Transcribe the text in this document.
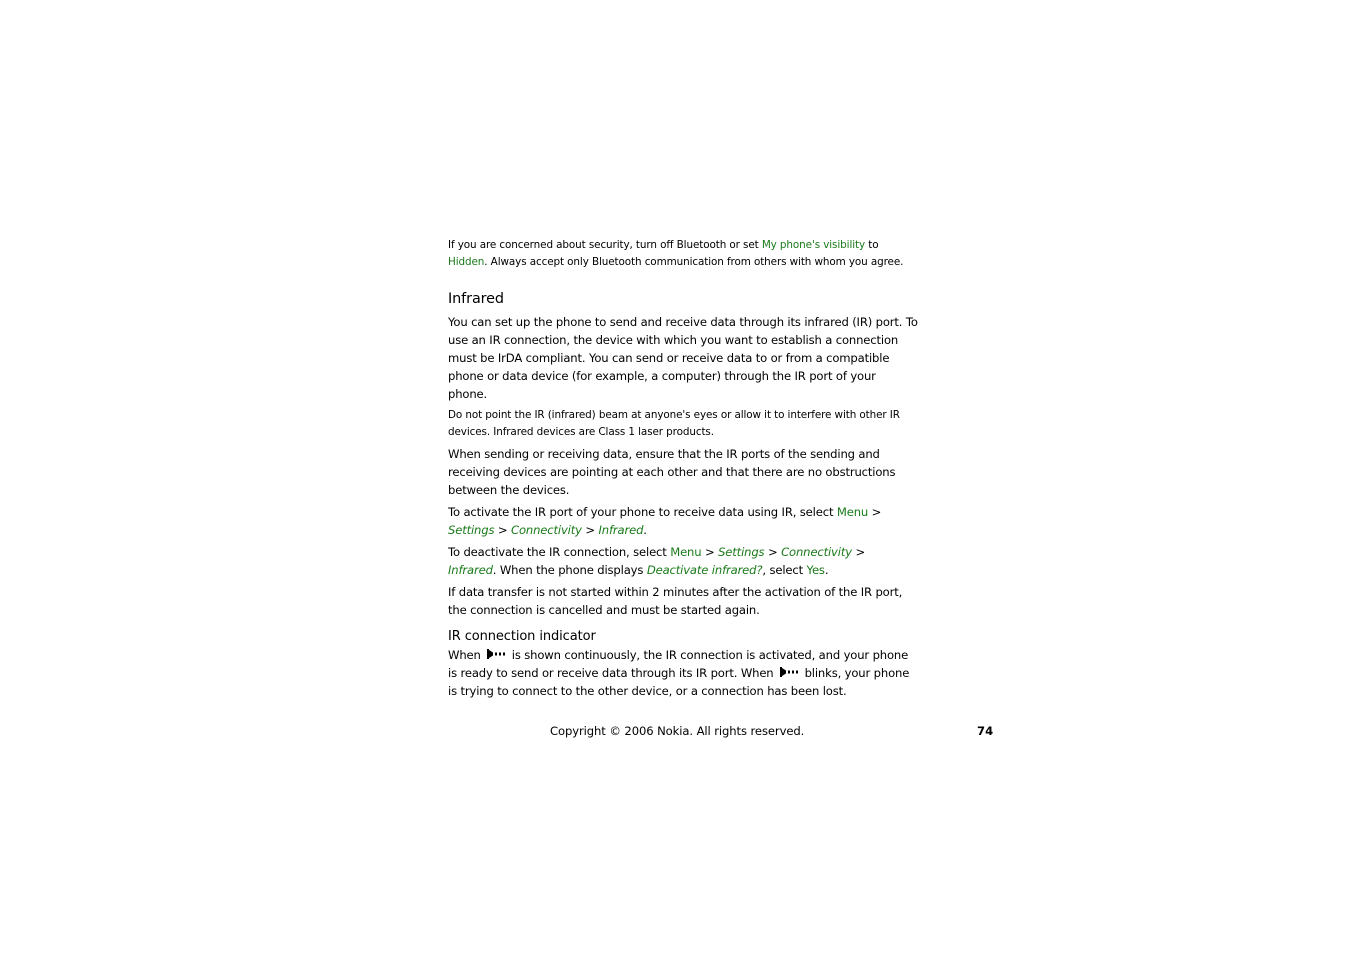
If you are concerned about security, turn off Bluetooth or set My phone's visibility to
Hidden. Always accept only Bluetooth communication from others with whom you agree.

Infrared

You can set up the phone to send and receive data through its infrared (IR) port. To use an IR connection, the device with which you want to establish a connection must be IrDA compliant. You can send or receive data to or from a compatible phone or data device (for example, a computer) through the IR port of your phone.

Do not point the IR (infrared) beam at anyone's eyes or allow it to interfere with other IR devices. Infrared devices are Class 1 laser products.

When sending or receiving data, ensure that the IR ports of the sending and receiving devices are pointing at each other and that there are no obstructions between the devices.

To activate the IR port of your phone to receive data using IR, select Menu >
Settings > Connectivity > Infrared.

To deactivate the IR connection, select Menu > Settings > Connectivity >
Infrared. When the phone displays Deactivate infrared?, select Yes.

If data transfer is not started within 2 minutes after the activation of the IR port, the connection is cancelled and must be started again.

IR connection indicator

When  is shown continuously, the IR connection is activated, and your phone is ready to send or receive data through its IR port. When  blinks, your phone is trying to connect to the other device, or a connection has been lost.

Copyright © 2006 Nokia. All rights reserved.	74
